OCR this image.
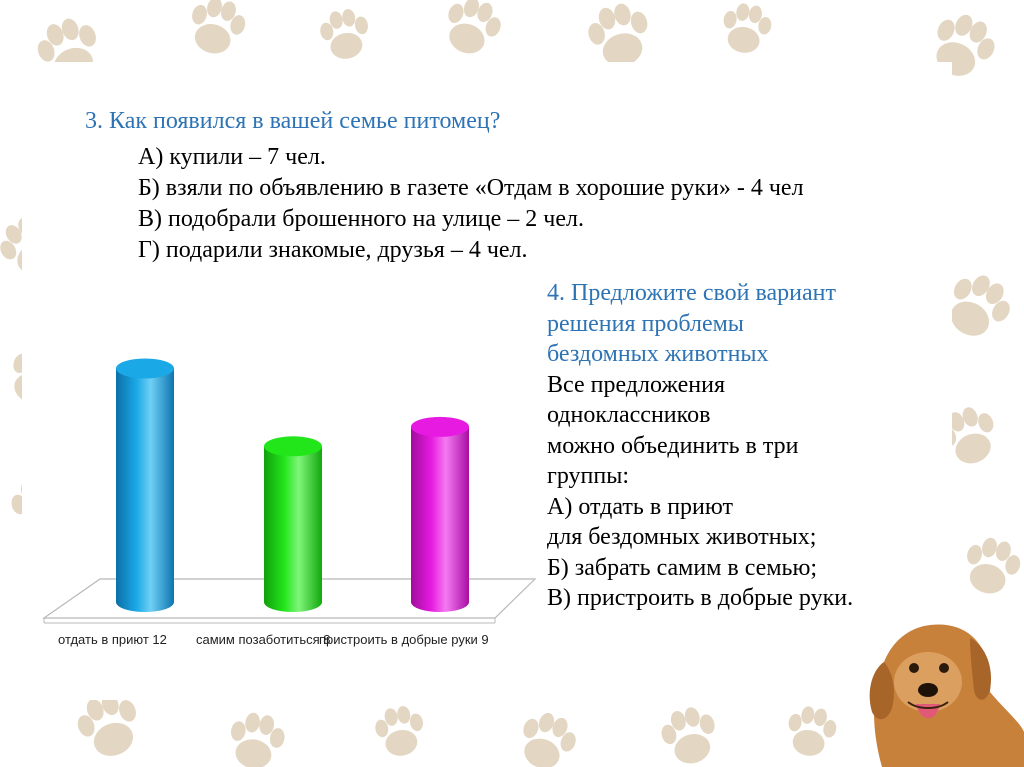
3. Как появился в вашей семье питомец?
А) купили – 7 чел.
Б) взяли по объявлению в газете «Отдам в хорошие руки» - 4 чел
В) подобрали брошенного на улице – 2 чел.
Г) подарили знакомые, друзья – 4 чел.

4. Предложите свой вариант
решения проблемы
бездомных животных

Все предложения
одноклассников
можно объединить в три
группы:
А) отдать в приют
для бездомных животных;
Б) забрать самим в семью;
В) пристроить в добрые руки.

отдать в приют 12 самим позаботиться 8
пристроить в добрые руки 9
